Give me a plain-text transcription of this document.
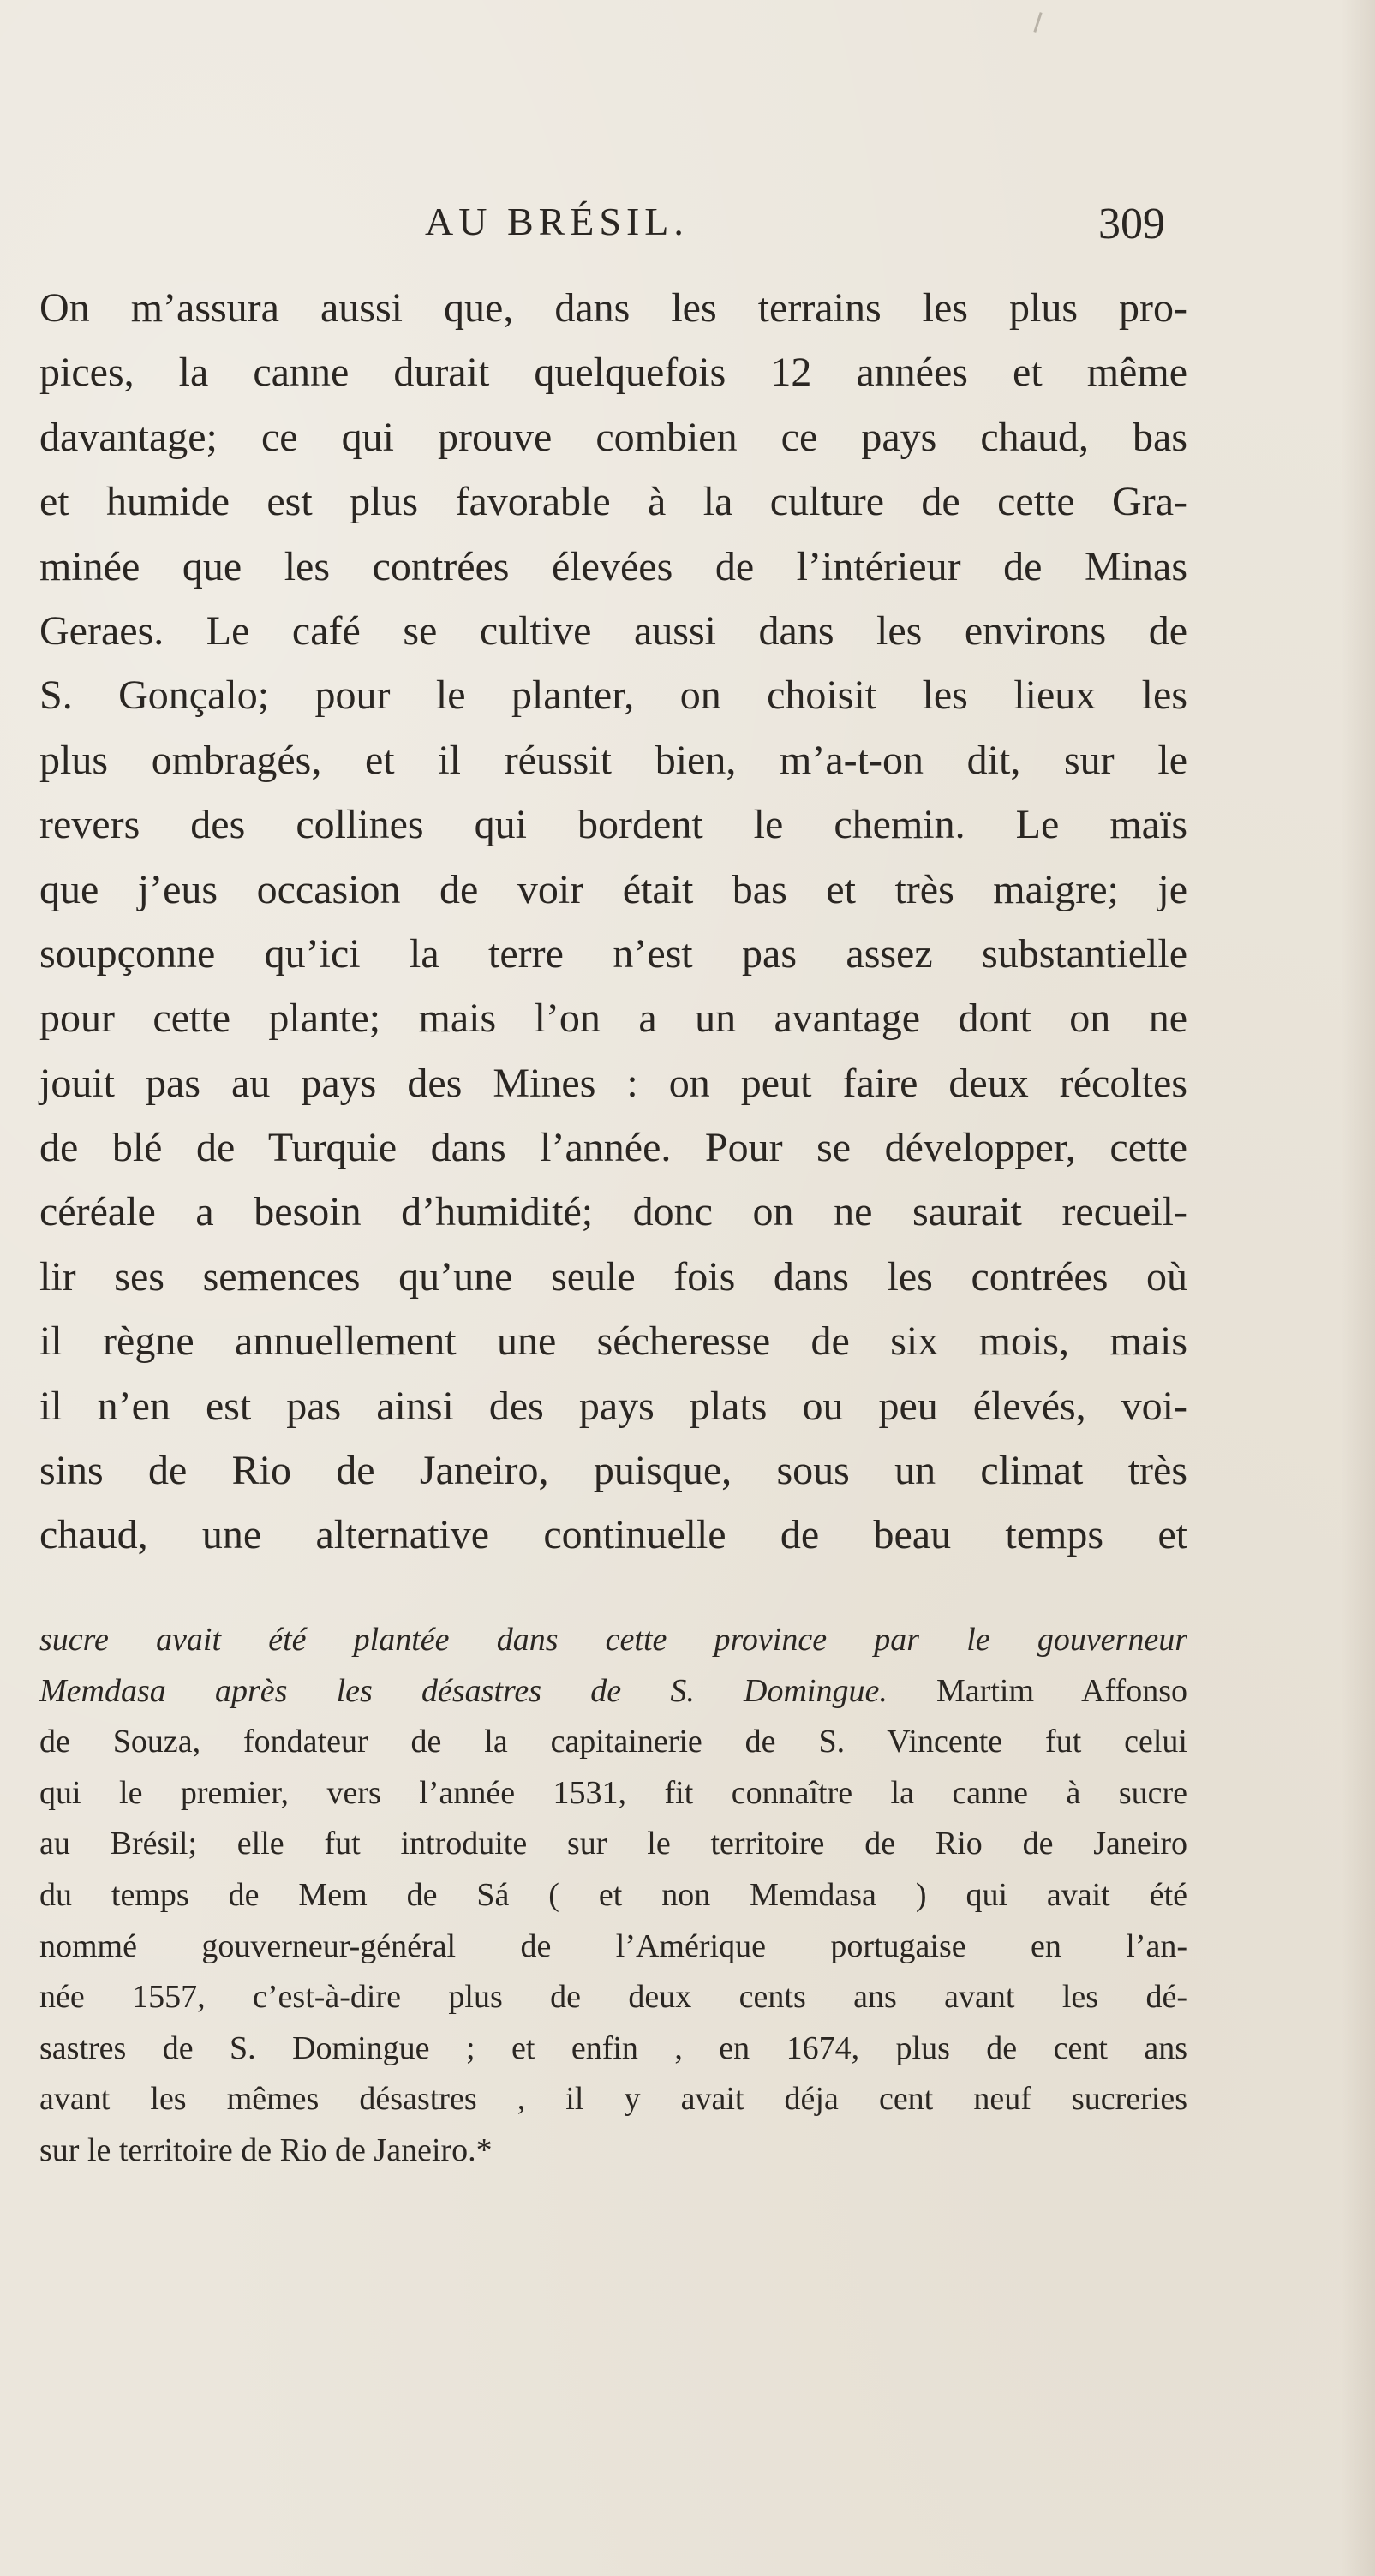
AU BRÉSIL.	309
On m’assura aussi que, dans les terrains les plus pro-
pices, la canne durait quelquefois 12 années et même
davantage; ce qui prouve combien ce pays chaud, bas
et humide est plus favorable à la culture de cette Gra-
minée que les contrées élevées de l’intérieur de Minas
Geraes. Le café se cultive aussi dans les environs de
S. Gonçalo; pour le planter, on choisit les lieux les
plus ombragés, et il réussit bien, m’a-t-on dit, sur le
revers des collines qui bordent le chemin. Le maïs
que j’eus occasion de voir était bas et très maigre; je
soupçonne qu’ici la terre n’est pas assez substantielle
pour cette plante; mais l’on a un avantage dont on ne
jouit pas au pays des Mines : on peut faire deux récoltes
de blé de Turquie dans l’année. Pour se développer, cette
céréale a besoin d’humidité; donc on ne saurait recueil-
lir ses semences qu’une seule fois dans les contrées où
il règne annuellement une sécheresse de six mois, mais
il n’en est pas ainsi des pays plats ou peu élevés, voi-
sins de Rio de Janeiro, puisque, sous un climat très
chaud, une alternative continuelle de beau temps et
sucre avait été plantée dans cette province par le gouverneur
Memdasa après les désastres de S. Domingue. Martim Affonso
de Souza, fondateur de la capitainerie de S. Vincente fut celui
qui le premier, vers l’année 1531, fit connaître la canne à sucre
au Brésil; elle fut introduite sur le territoire de Rio de Janeiro
du temps de Mem de Sá ( et non Memdasa ) qui avait été
nommé gouverneur-général de l’Amérique portugaise en l’an-
née 1557, c’est-à-dire plus de deux cents ans avant les dé-
sastres de S. Domingue ; et enfin , en 1674, plus de cent ans
avant les mêmes désastres , il y avait déja cent neuf sucreries
sur le territoire de Rio de Janeiro.*
